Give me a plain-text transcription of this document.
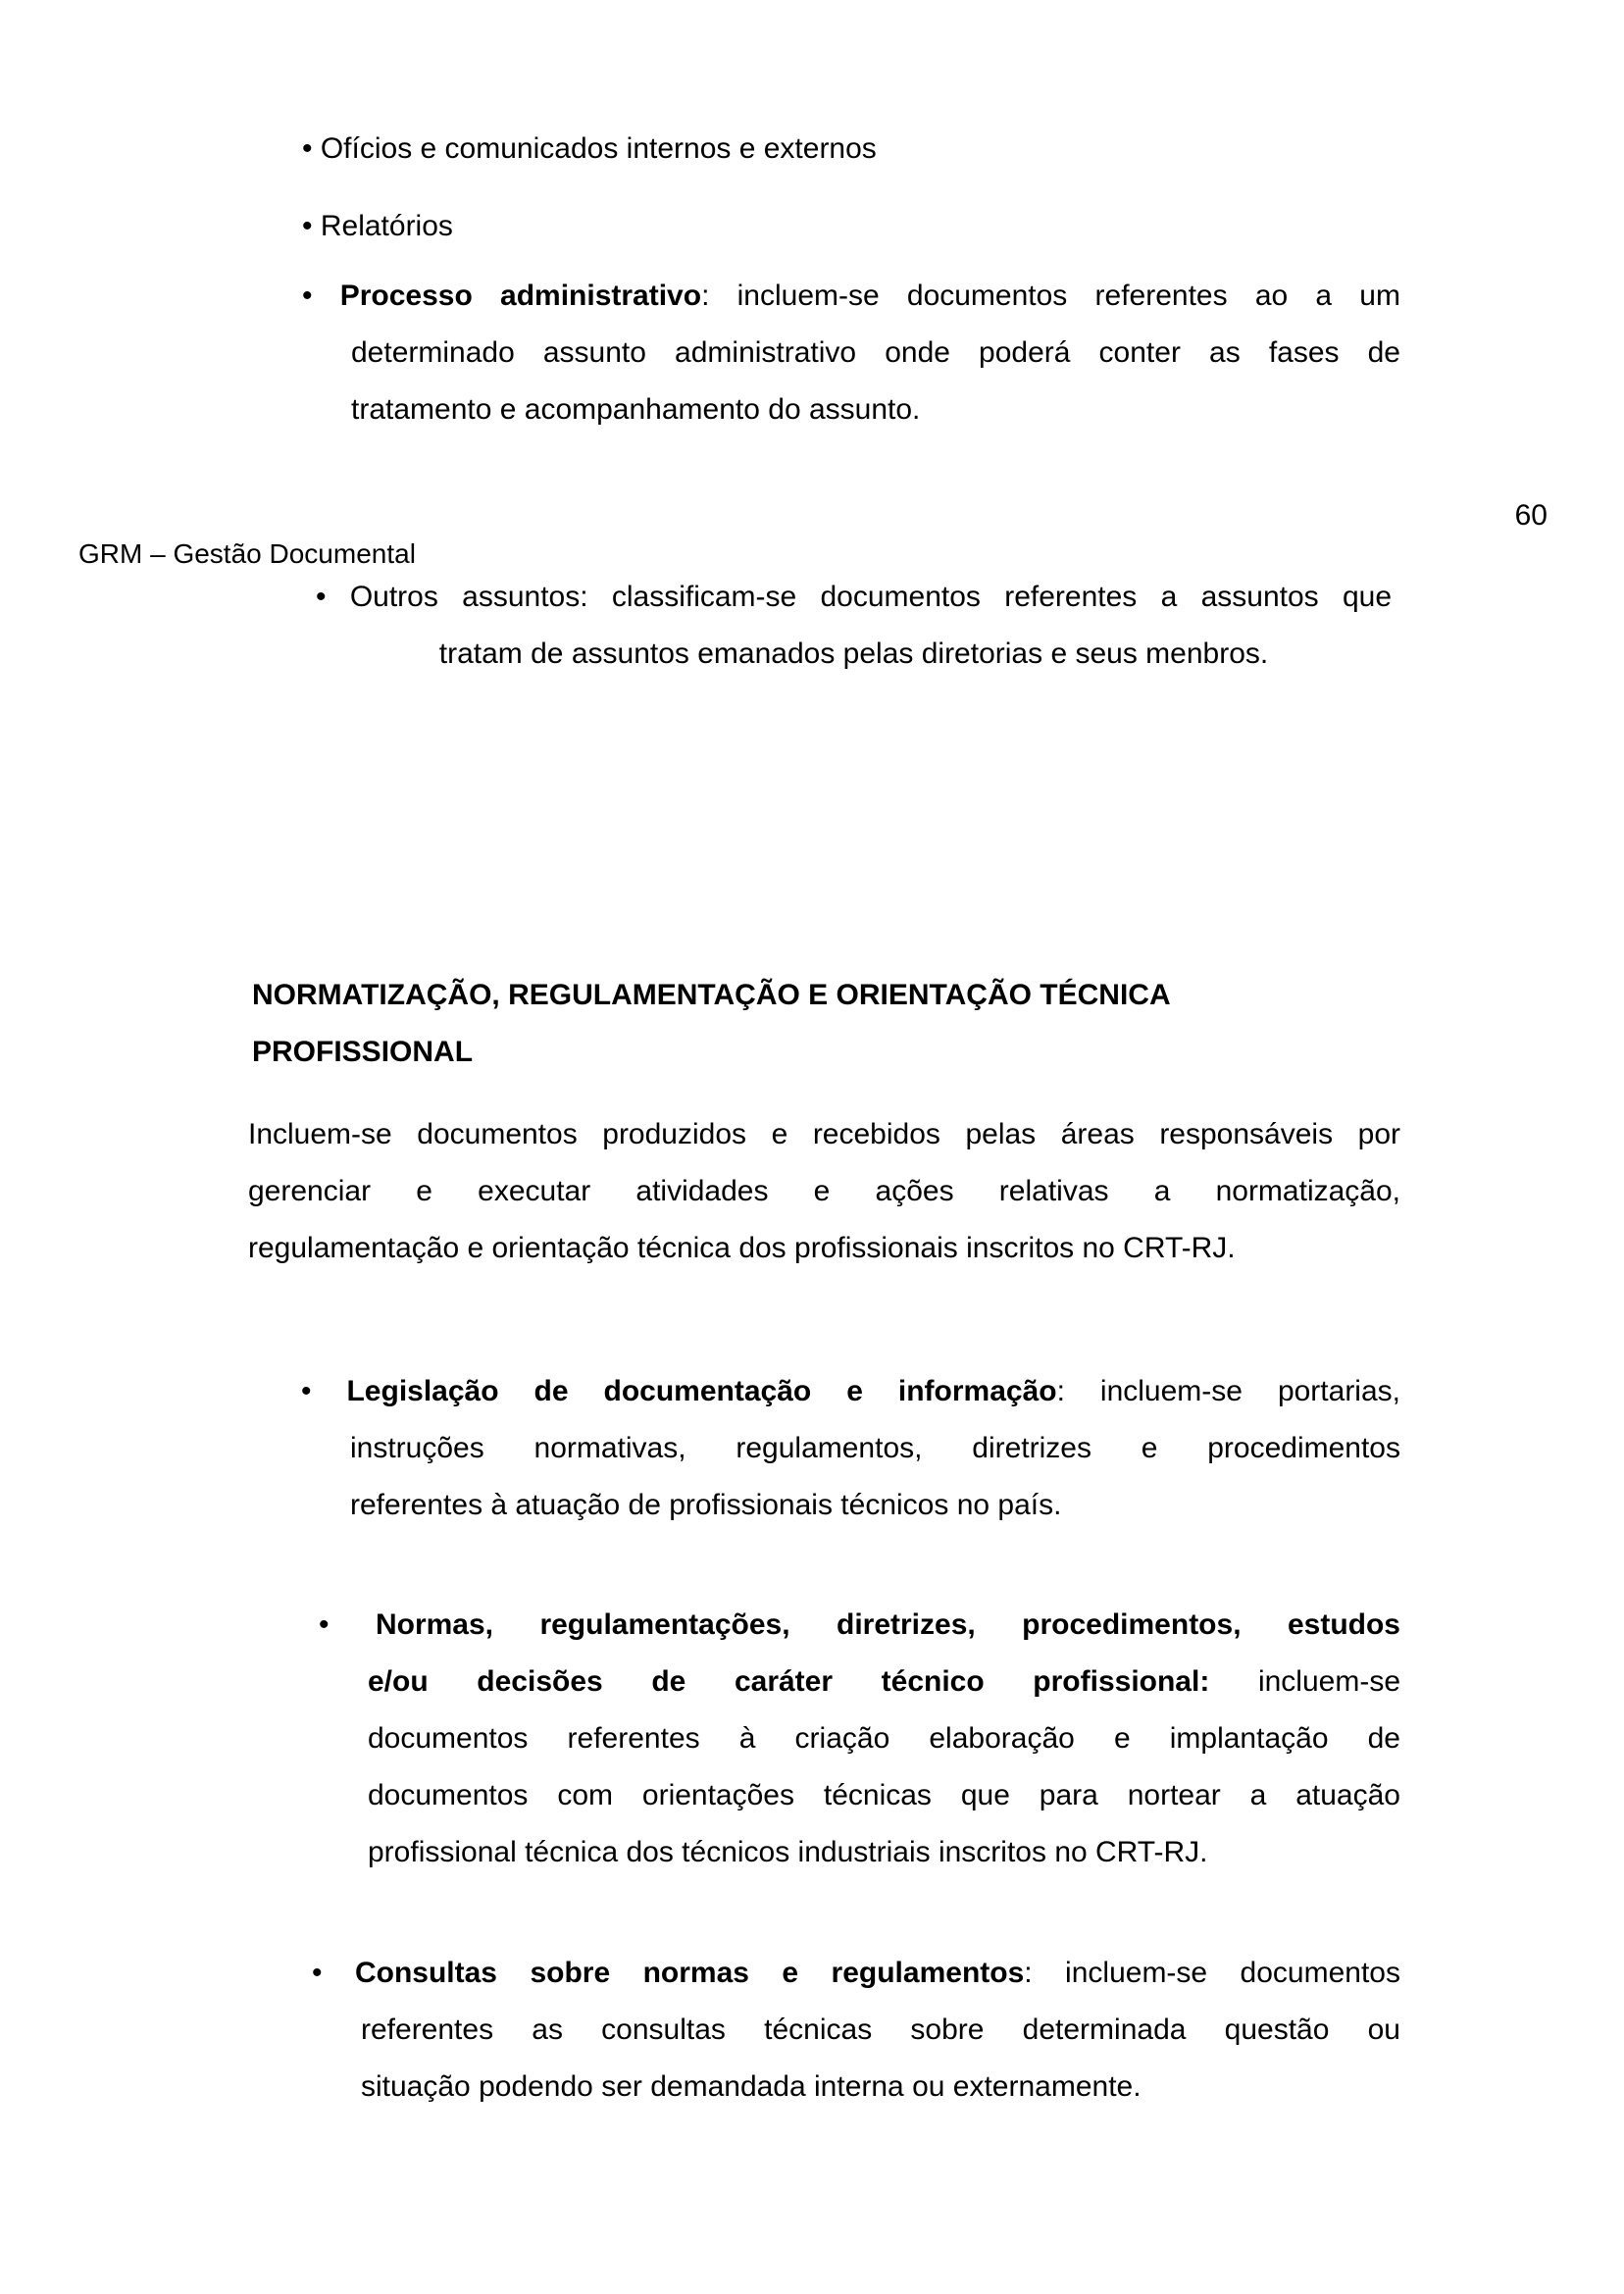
• Ofícios e comunicados internos e externos
• Relatórios
• Processo administrativo: incluem-se documentos referentes ao a um
determinado assunto administrativo onde poderá conter as fases de
tratamento e acompanhamento do assunto.
60
GRM – Gestão Documental
• Outros assuntos: classificam-se documentos referentes a assuntos que
tratam de assuntos emanados pelas diretorias e seus menbros.
NORMATIZAÇÃO, REGULAMENTAÇÃO E ORIENTAÇÃO TÉCNICA
PROFISSIONAL
Incluem-se documentos produzidos e recebidos pelas áreas responsáveis por
gerenciar e executar atividades e ações relativas a normatização,
regulamentação e orientação técnica dos profissionais inscritos no CRT-RJ.
• Legislação de documentação e informação: incluem-se portarias,
instruções normativas, regulamentos, diretrizes e procedimentos
referentes à atuação de profissionais técnicos no país.
• Normas, regulamentações, diretrizes, procedimentos, estudos
e/ou decisões de caráter técnico profissional: incluem-se
documentos referentes à criação elaboração e implantação de
documentos com orientações técnicas que para nortear a atuação
profissional técnica dos técnicos industriais inscritos no CRT-RJ.
• Consultas sobre normas e regulamentos: incluem-se documentos
referentes as consultas técnicas sobre determinada questão ou
situação podendo ser demandada interna ou externamente.
